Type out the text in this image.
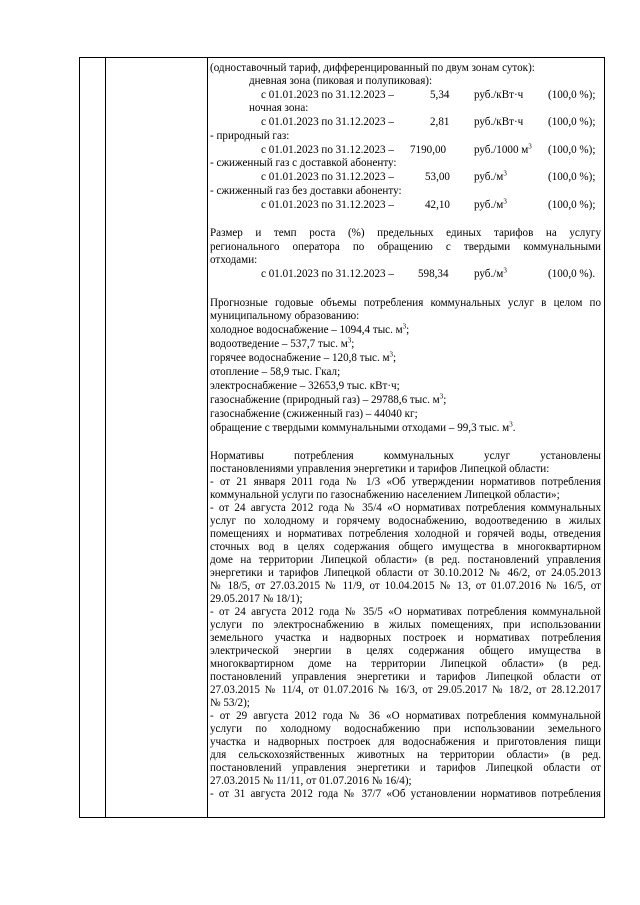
(одноставочный тариф, дифференцированный по двум зонам суток):
дневная зона (пиковая и полупиковая):
с 01.01.2023 по 31.12.2023 –	5,34 руб./кВт·ч (100,0 %);
ночная зона:
с 01.01.2023 по 31.12.2023 –	2,81 руб./кВт·ч (100,0 %);
- природный газ:
с 01.01.2023 по 31.12.2023 – 7190,00	руб./1000 $м^3$ (100,0 %);
- сжиженный газ с доставкой абоненту:
с 01.01.2023 по 31.12.2023 –	53,00 $руб./м^3$	(100,0 %);
- сжиженный газ без доставки абоненту:
с 01.01.2023 по 31.12.2023 –	42,10 $руб./м^3$	(100,0 %);
Размер и темп роста (%) предельных единых тарифов на услугу
регионального оператора по обращению с твердыми коммунальными
отходами:
с 01.01.2023 по 31.12.2023 – 598,34 $руб./м^3$	(100,0 %).
Прогнозные годовые объемы потребления коммунальных услуг в целом по
муниципальному образованию:
холодное водоснабжение – 1094,4 тыс. $м^3$;
водоотведение – 537,7 тыс. $м^3$;
горячее водоснабжение – 120,8 тыс. $м^3$;
отопление – 58,9 тыс. Гкал;
электроснабжение – 32653,9 тыс. кВт·ч;
газоснабжение (природный газ) – 29788,6 тыс. $м^3$;
газоснабжение (сжиженный газ) – 44040 кг;
обращение с твердыми коммунальными отходами – 99,3 тыс. $м^3$.
Нормативы потребления коммунальных услуг установлены
постановлениями управления энергетики и тарифов Липецкой области:
- от 21 января 2011 года № 1/3 «Об утверждении нормативов потребления
коммунальной услуги по газоснабжению населением Липецкой области»;
- от 24 августа 2012 года № 35/4 «О нормативах потребления коммунальных
услуг по холодному и горячему водоснабжению, водоотведению в жилых
помещениях и нормативах потребления холодной и горячей воды, отведения
сточных вод в целях содержания общего имущества в многоквартирном
доме на территории Липецкой области» (в ред. постановлений управления
энергетики и тарифов Липецкой области от 30.10.2012 № 46/2, от 24.05.2013
№ 18/5, от 27.03.2015 № 11/9, от 10.04.2015 № 13, от 01.07.2016 № 16/5, от
29.05.2017 № 18/1);
- от 24 августа 2012 года № 35/5 «О нормативах потребления коммунальной
услуги по электроснабжению в жилых помещениях, при использовании
земельного участка и надворных построек и нормативах потребления
электрической энергии в целях содержания общего имущества в
многоквартирном доме на территории Липецкой области» (в ред.
постановлений управления энергетики и тарифов Липецкой области от
27.03.2015 № 11/4, от 01.07.2016 № 16/3, от 29.05.2017 № 18/2, от 28.12.2017
№ 53/2);
- от 29 августа 2012 года № 36 «О нормативах потребления коммунальной
услуги по холодному водоснабжению при использовании земельного
участка и надворных построек для водоснабжения и приготовления пищи
для сельскохозяйственных животных на территории области» (в ред.
постановлений управления энергетики и тарифов Липецкой области от
27.03.2015 № 11/11, от 01.07.2016 № 16/4);
- от 31 августа 2012 года № 37/7 «Об установлении нормативов потребления
